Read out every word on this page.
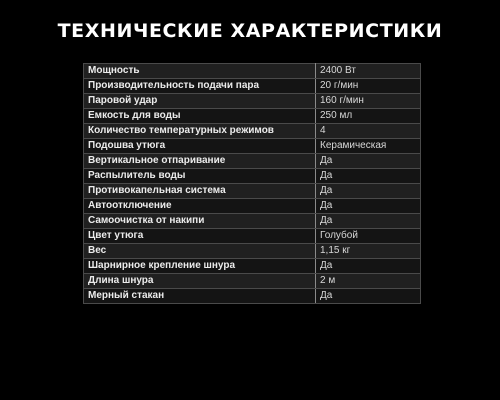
ТЕХНИЧЕСКИЕ ХАРАКТЕРИСТИКИ
Мощность	2400 Вт
Производительность подачи пара	20 г/мин
Паровой удар	160 г/мин
Емкость для воды	250 мл
Количество температурных режимов	4
Подошва утюга	Керамическая
Вертикальное отпаривание	Да
Распылитель воды	Да
Противокапельная система	Да
Автоотключение	Да
Самоочистка от накипи	Да
Цвет утюга	Голубой
Вес	1,15 кг
Шарнирное крепление шнура	Да
Длина шнура	2 м
Мерный стакан	Да
